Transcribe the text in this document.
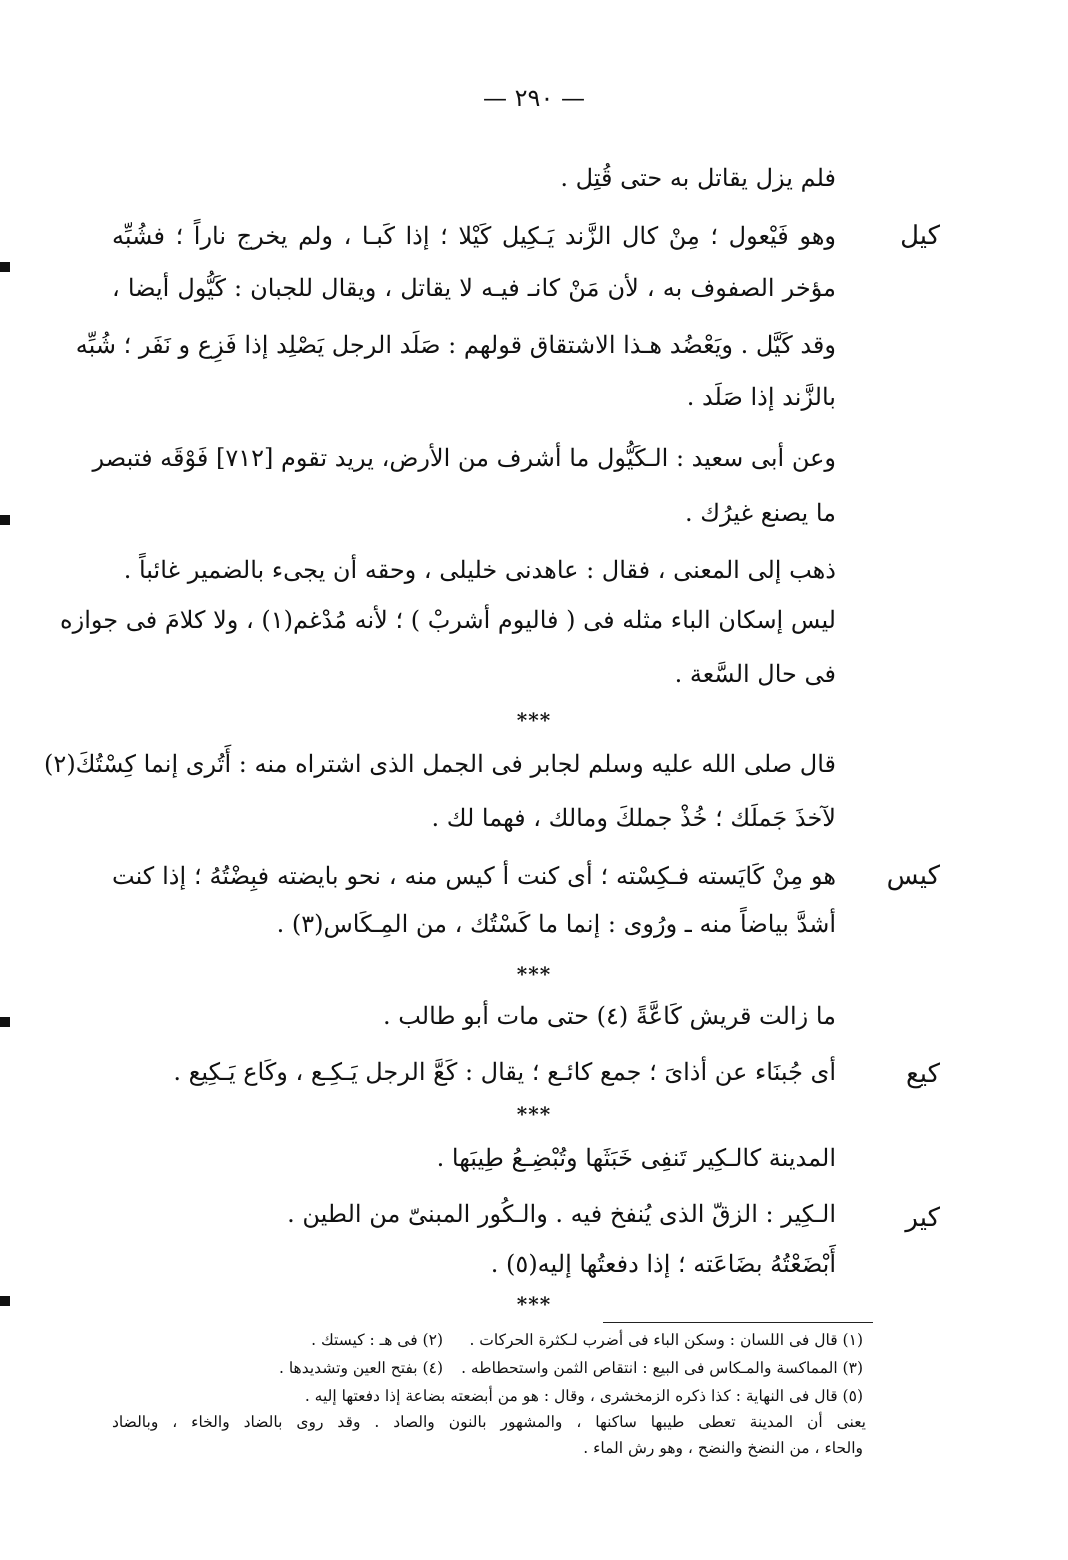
— ٢٩٠ —
فلم يزل يقاتل به حتى قُتِل .
كيل
وهو فَيْعول ؛ مِنْ كال الزَّند يَـكِيل كَيْلا ؛ إذا كَبـا ، ولم يخرج ناراً ؛ فشُبِّه
مؤخر الصفوف به ، لأن مَنْ كانـ فيـه لا يقاتل ، ويقال للجبان : كَيُّول أيضا ،
وقد كَيَّل . ويَعْضُد هـذا الاشتقاق قولهم : صَلَد الرجل يَصْلِد إذا فَزِع و نَفَر ؛ شُبِّه
بالزَّند إذا صَلَد .
وعن أبى سعيد : الـكَيُّول ما أشرف من الأرض، يريد تقوم [٧١٢] فَوْقَه فتبصر
ما يصنع غيرُك .
ذهب إلى المعنى ، فقال : عاهدنى خليلى ، وحقه أن يجىء بالضمير غائباً .
ليس إسكان الباء مثله فى ( فاليوم أشربْ ) ؛ لأنه مُدْغم(١) ، ولا كلامَ فى جوازه
فى حال السَّعة .
***
قال صلى الله عليه وسلم لجابر فى الجمل الذى اشتراه منه : أَتُرى إنما كِسْتُكَ(٢)
لآخذَ جَملَك ؛ خُذْ جملكَ ومالك ، فهما لك .
كيس
هو مِنْ كَايَسته فـكِسْته ؛ أى كنت أ كيس منه ، نحو بايضته فبِضْتُهُ ؛ إذا كنت
أشدَّ بياضاً منه ـ ورُوى : إنما ما كَسْتُك ، من المِـكَاس(٣) .
***
ما زالت قريش كَاعَّةً (٤) حتى مات أبو طالب .
كيع
أى جُبنَاء عن أذاىَ ؛ جمع كائـع ؛ يقال : كَعَّ الرجل يَـكِـع ، وكَاع يَـكِيع .
***
المدينة كالـكِير تَنفِى خَبَثَها وتُبْضِـعُ طِيبَها .
كير
الـكِير : الزقّ الذى يُنفخ فيه . والـكُور المبنىّ من الطين .
أَبْضَعْتُهُ بضَاعَته ؛ إذا دفعتُها إليه(٥) .
***
(١) قال فى اللسان : وسكن الباء فى أضرب لـكثرة الحركات .
(٢) فى هـ : كيستك .
(٣) المماكسة والمـكاس فى البيع : انتقاص الثمن واستحطاطه .
(٤) بفتح العين وتشديدها .
(٥) قال فى النهاية : كذا ذكره الزمخشرى ، وقال : هو من أبضعته بضاعة إذا دفعتها إليه .
يعنى أن المدينة تعطى طيبها ساكنها ، والمشهور بالنون والصاد . وقد روى بالضاد والخاء ، وبالضاد
والحاء ، من النضخ والنضح ، وهو رش الماء .
